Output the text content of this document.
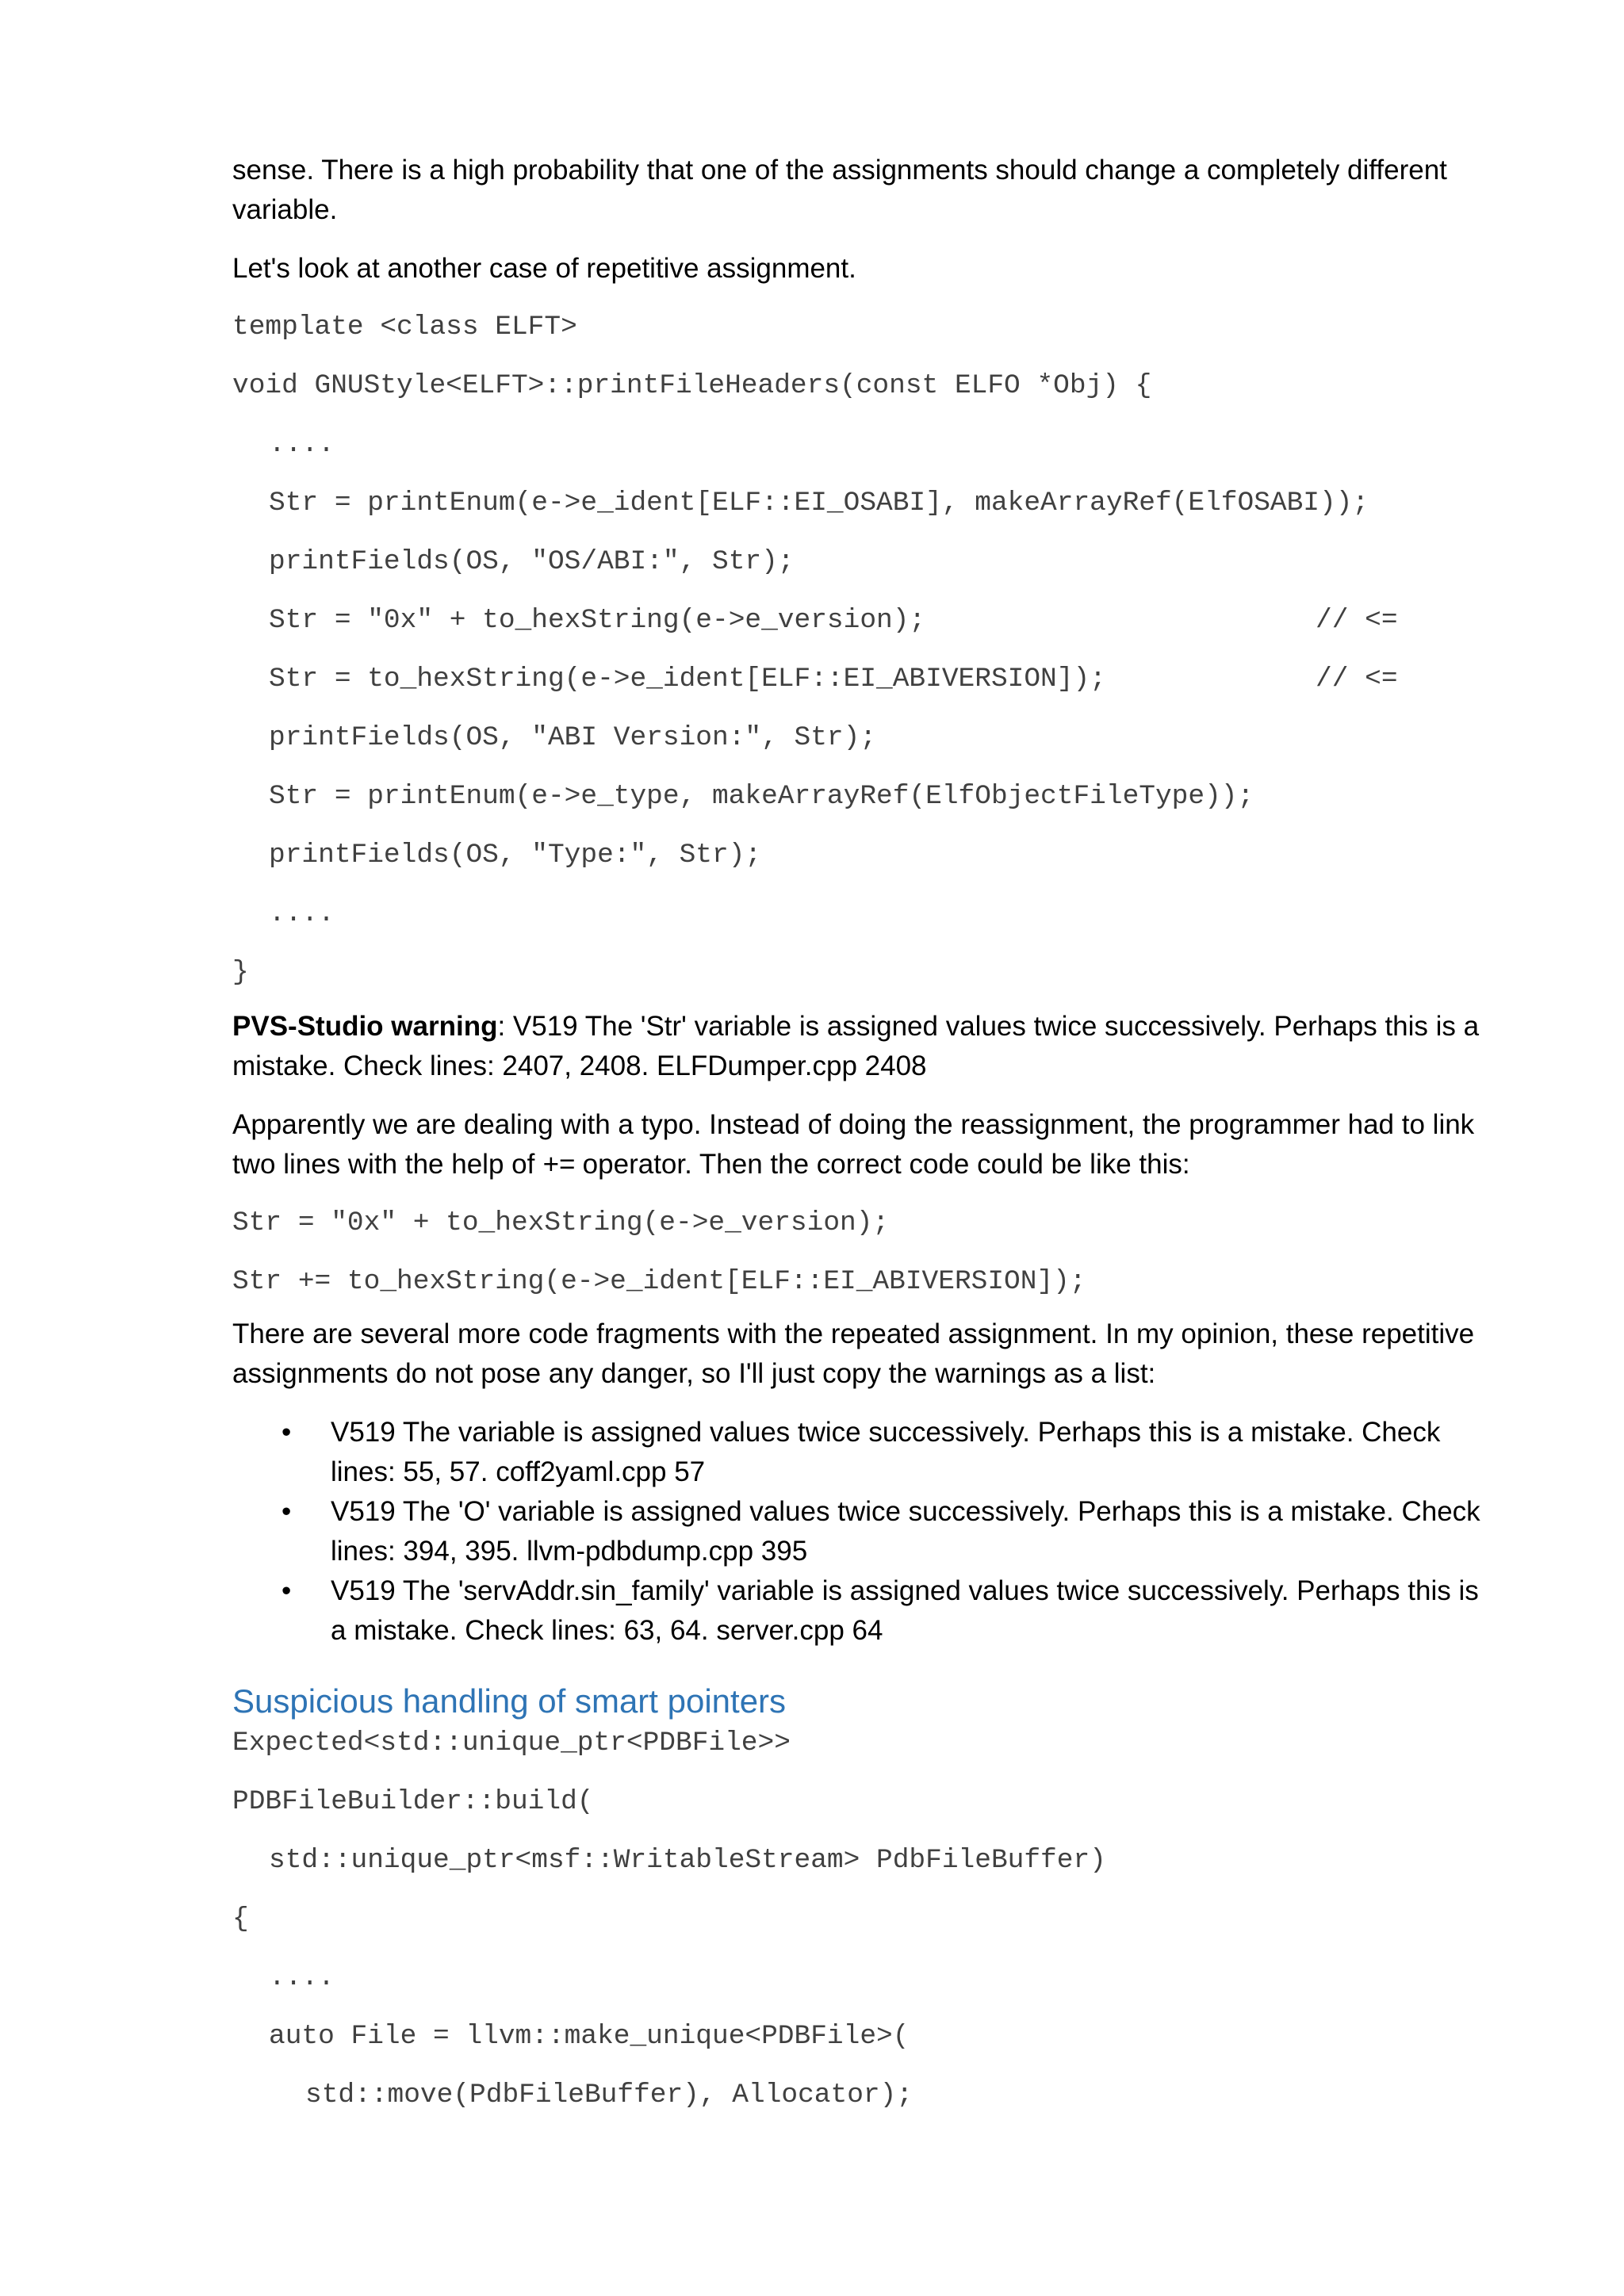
sense. There is a high probability that one of the assignments should change a completely different variable.

Let's look at another case of repetitive assignment.

template <class ELFT>
void GNUStyle<ELFT>::printFileHeaders(const ELFO *Obj) {
....
Str = printEnum(e->e_ident[ELF::EI_OSABI], makeArrayRef(ElfOSABI));
printFields(OS, "OS/ABI:", Str);
Str = "0x" + to_hexString(e->e_version);	// <=
Str = to_hexString(e->e_ident[ELF::EI_ABIVERSION]);	// <=
printFields(OS, "ABI Version:", Str);
Str = printEnum(e->e_type, makeArrayRef(ElfObjectFileType));
printFields(OS, "Type:", Str);
....
}

PVS-Studio warning: V519 The 'Str' variable is assigned values twice successively. Perhaps this is a mistake. Check lines: 2407, 2408. ELFDumper.cpp 2408

Apparently we are dealing with a typo. Instead of doing the reassignment, the programmer had to link two lines with the help of += operator. Then the correct code could be like this:

Str = "0x" + to_hexString(e->e_version);
Str += to_hexString(e->e_ident[ELF::EI_ABIVERSION]);

There are several more code fragments with the repeated assignment. In my opinion, these repetitive assignments do not pose any danger, so I'll just copy the warnings as a list:

• V519 The variable is assigned values twice successively. Perhaps this is a mistake. Check lines: 55, 57. coff2yaml.cpp 57
• V519 The 'O' variable is assigned values twice successively. Perhaps this is a mistake. Check lines: 394, 395. llvm-pdbdump.cpp 395
• V519 The 'servAddr.sin_family' variable is assigned values twice successively. Perhaps this is a mistake. Check lines: 63, 64. server.cpp 64
Suspicious handling of smart pointers
Expected<std::unique_ptr<PDBFile>>
PDBFileBuilder::build(
std::unique_ptr<msf::WritableStream> PdbFileBuffer)
{
....
auto File = llvm::make_unique<PDBFile>(
std::move(PdbFileBuffer), Allocator);
